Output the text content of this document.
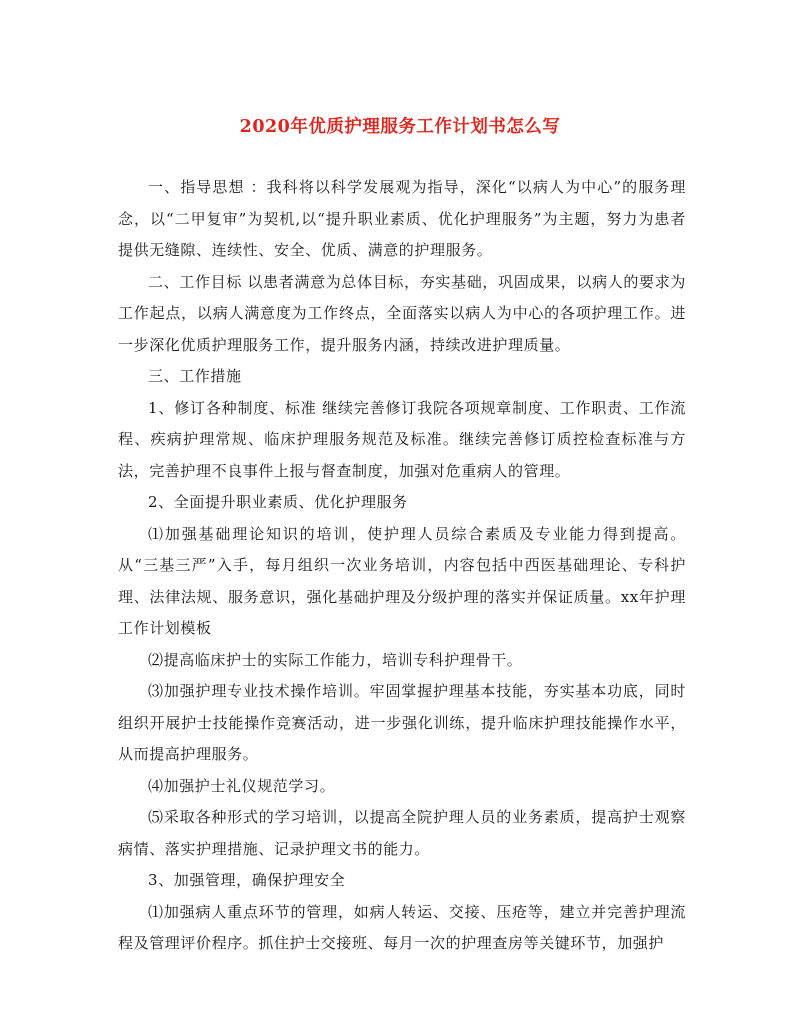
2020年优质护理服务工作计划书怎么写

一、指导思想 ：我科将以科学发展观为指导，深化“以病人为中心”的服务理念，以“二甲复审”为契机,以“提升职业素质、优化护理服务”为主题，努力为患者提供无缝隙、连续性、安全、优质、满意的护理服务。

二、工作目标 以患者满意为总体目标，夯实基础，巩固成果，以病人的要求为工作起点，以病人满意度为工作终点，全面落实以病人为中心的各项护理工作。进一步深化优质护理服务工作，提升服务内涵，持续改进护理质量。

三、工作措施

1、修订各种制度、标准 继续完善修订我院各项规章制度、工作职责、工作流程、疾病护理常规、临床护理服务规范及标准。继续完善修订质控检查标准与方法，完善护理不良事件上报与督查制度，加强对危重病人的管理。

2、全面提升职业素质、优化护理服务

⑴加强基础理论知识的培训，使护理人员综合素质及专业能力得到提高。从“三基三严”入手，每月组织一次业务培训，内容包括中西医基础理论、专科护理、法律法规、服务意识，强化基础护理及分级护理的落实并保证质量。xx年护理工作计划模板

⑵提高临床护士的实际工作能力，培训专科护理骨干。

⑶加强护理专业技术操作培训。牢固掌握护理基本技能，夯实基本功底，同时组织开展护士技能操作竞赛活动，进一步强化训练，提升临床护理技能操作水平，从而提高护理服务。

⑷加强护士礼仪规范学习。

⑸采取各种形式的学习培训，以提高全院护理人员的业务素质，提高护士观察病情、落实护理措施、记录护理文书的能力。

3、加强管理，确保护理安全

⑴加强病人重点环节的管理，如病人转运、交接、压疮等，建立并完善护理流程及管理评价程序。抓住护士交接班、每月一次的护理查房等关键环节，加强护
